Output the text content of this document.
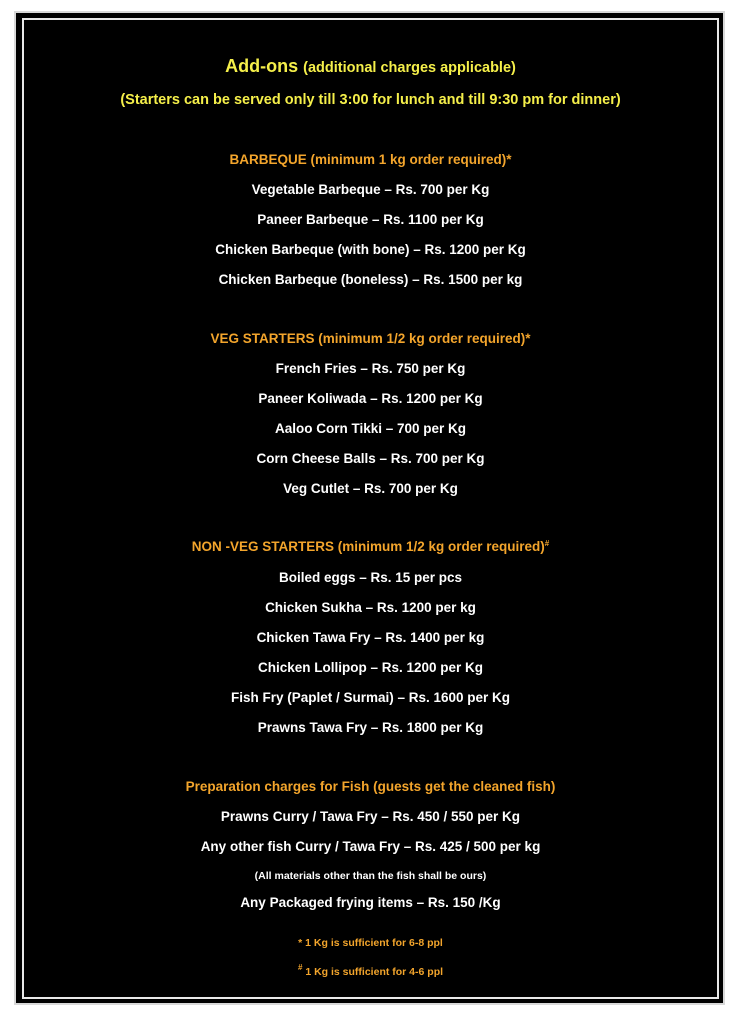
Add-ons (additional charges applicable)
(Starters can be served only till 3:00 for lunch and till 9:30 pm for dinner)
BARBEQUE (minimum 1 kg order required)*
Vegetable Barbeque – Rs. 700 per Kg
Paneer Barbeque – Rs. 1100 per Kg
Chicken Barbeque (with bone) – Rs. 1200 per Kg
Chicken Barbeque (boneless) – Rs. 1500 per kg
VEG STARTERS (minimum 1/2 kg order required)*
French Fries – Rs. 750 per Kg
Paneer Koliwada – Rs. 1200 per Kg
Aaloo Corn Tikki – 700 per Kg
Corn Cheese Balls – Rs. 700 per Kg
Veg Cutlet – Rs. 700 per Kg
NON -VEG STARTERS (minimum 1/2 kg order required)#
Boiled eggs – Rs. 15 per pcs
Chicken Sukha – Rs. 1200 per kg
Chicken Tawa Fry – Rs. 1400 per kg
Chicken Lollipop – Rs. 1200 per Kg
Fish Fry (Paplet / Surmai) – Rs. 1600 per Kg
Prawns Tawa Fry – Rs. 1800 per Kg
Preparation charges for Fish (guests get the cleaned fish)
Prawns Curry / Tawa Fry – Rs. 450 / 550 per Kg
Any other fish Curry / Tawa Fry – Rs. 425 / 500 per kg
(All materials other than the fish shall be ours)
Any Packaged frying items – Rs. 150 /Kg
* 1 Kg is sufficient for 6-8 ppl
# 1 Kg is sufficient for 4-6 ppl
